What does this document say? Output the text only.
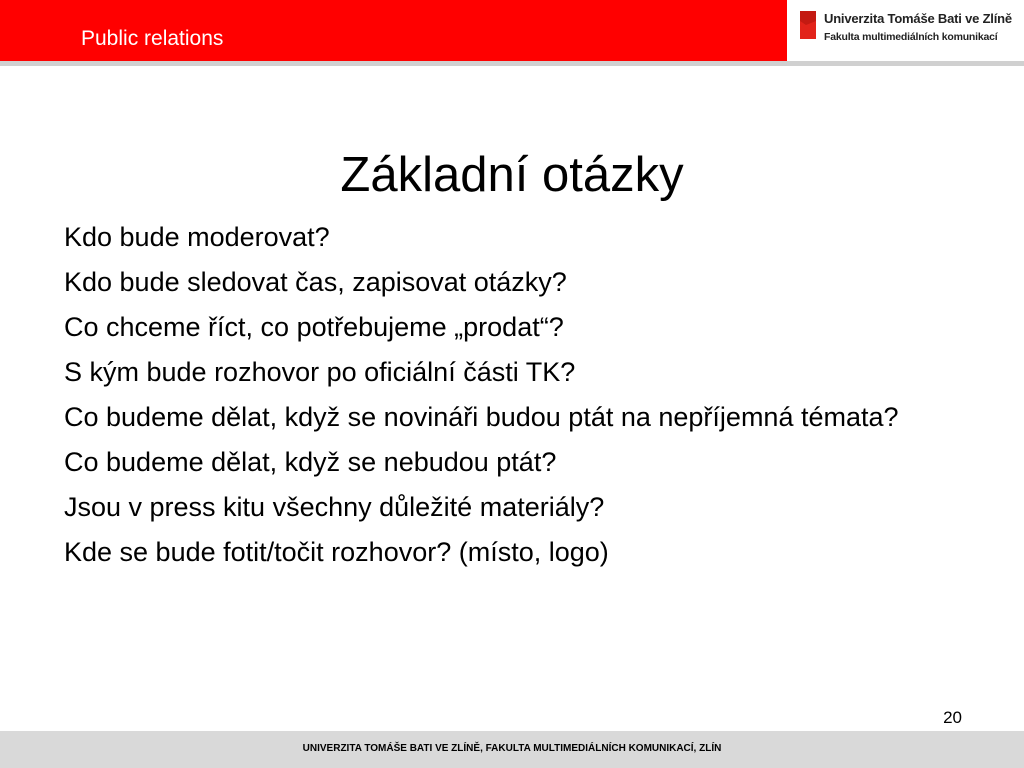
Public relations
Univerzita Tomáše Bati ve Zlíně
Fakulta multimediálních komunikací
Základní otázky
Kdo bude moderovat?
Kdo bude sledovat čas, zapisovat otázky?
Co chceme říct, co potřebujeme „prodat“?
S kým bude rozhovor po oficiální části TK?
Co budeme dělat, když se novináři budou ptát na nepříjemná témata?
Co budeme dělat, když se nebudou ptát?
Jsou v press kitu všechny důležité materiály?
Kde se bude fotit/točit rozhovor? (místo, logo)
20
UNIVERZITA TOMÁŠE BATI VE ZLÍNĚ, FAKULTA MULTIMEDIÁLNÍCH KOMUNIKACÍ, ZLÍN
